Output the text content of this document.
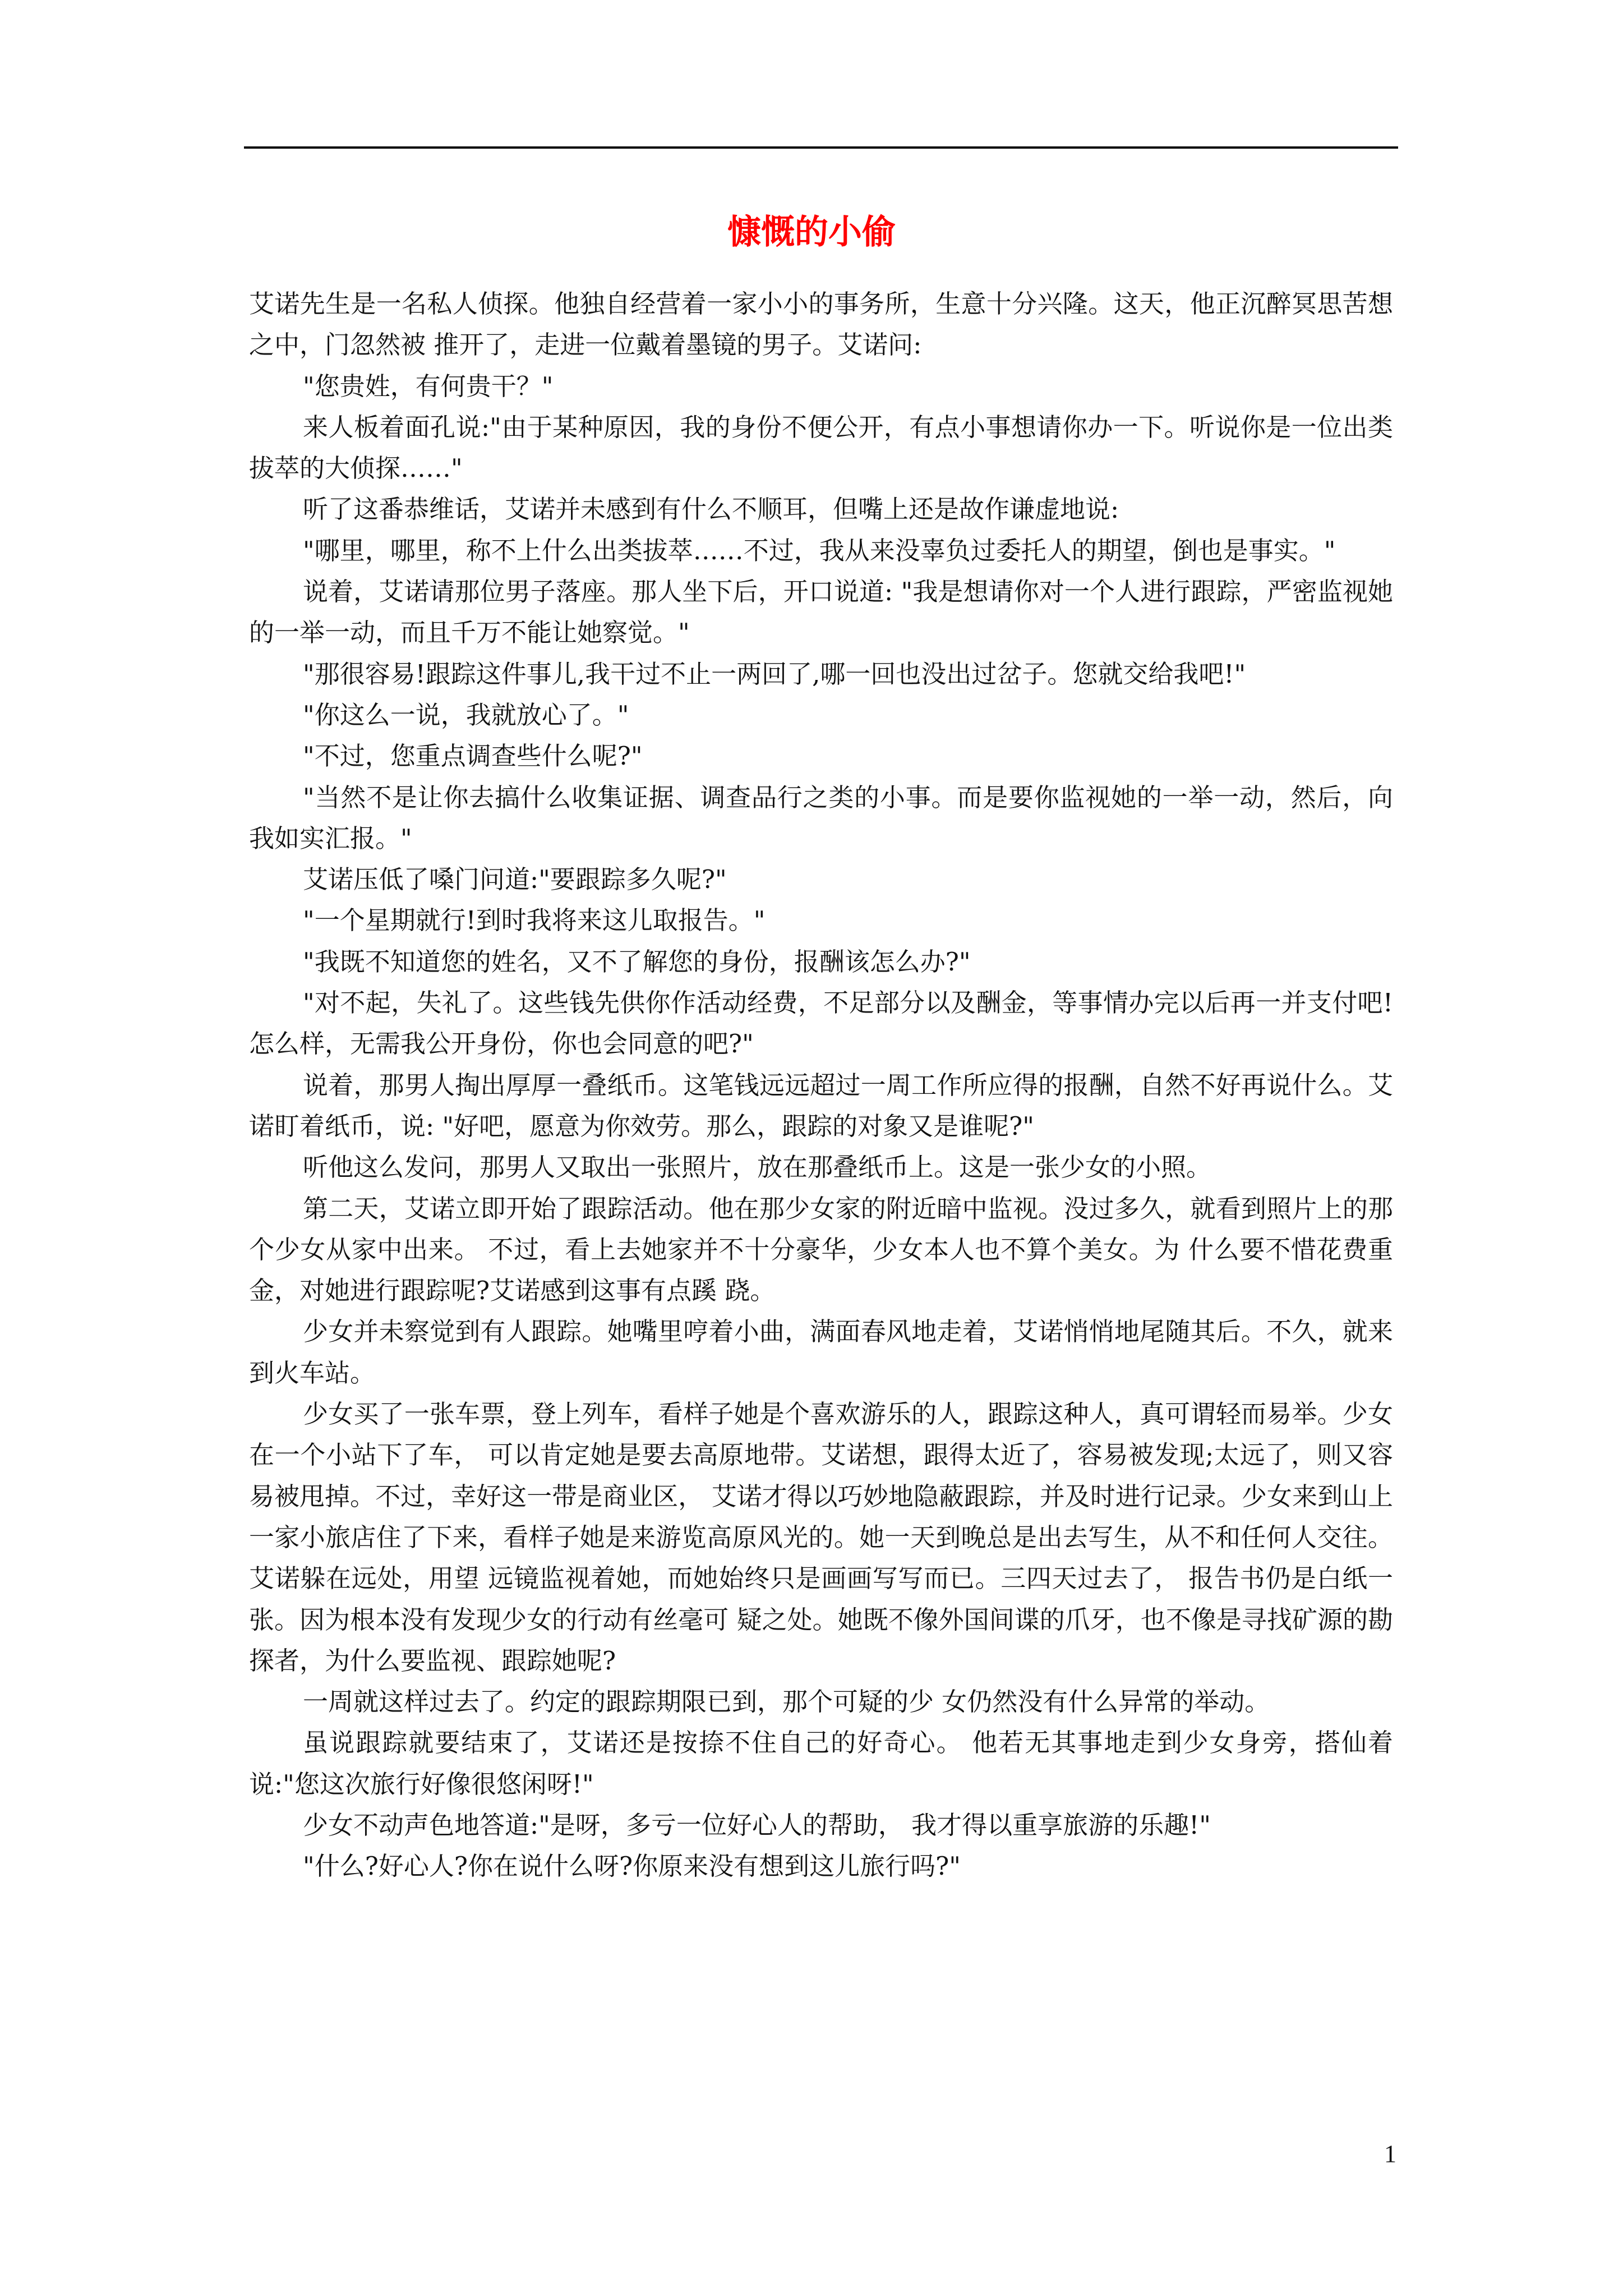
慷慨的小偷

艾诺先生是一名私人侦探。他独自经营着一家小小的事务所，生意十分兴隆。这天，他正沉醉冥思苦想之中，门忽然被 推开了，走进一位戴着墨镜的男子。艾诺问:

"您贵姓，有何贵干？"

来人板着面孔说:"由于某种原因，我的身份不便公开，有点小事想请你办一下。听说你是一位出类拔萃的大侦探……"

听了这番恭维话，艾诺并未感到有什么不顺耳，但嘴上还是故作谦虚地说:

"哪里，哪里，称不上什么出类拔萃……不过，我从来没辜负过委托人的期望，倒也是事实。"

说着，艾诺请那位男子落座。那人坐下后，开口说道: "我是想请你对一个人进行跟踪，严密监视她的一举一动，而且千万不能让她察觉。"

"那很容易!跟踪这件事儿,我干过不止一两回了,哪一回也没出过岔子。您就交给我吧!"

"你这么一说，我就放心了。"

"不过，您重点调查些什么呢?"

"当然不是让你去搞什么收集证据、调查品行之类的小事。而是要你监视她的一举一动，然后，向我如实汇报。"

艾诺压低了嗓门问道:"要跟踪多久呢?"

"一个星期就行!到时我将来这儿取报告。"

"我既不知道您的姓名，又不了解您的身份，报酬该怎么办?"

"对不起，失礼了。这些钱先供你作活动经费，不足部分以及酬金，等事情办完以后再一并支付吧!怎么样，无需我公开身份，你也会同意的吧?"

说着，那男人掏出厚厚一叠纸币。这笔钱远远超过一周工作所应得的报酬，自然不好再说什么。艾诺盯着纸币，说: "好吧，愿意为你效劳。那么，跟踪的对象又是谁呢?"

听他这么发问，那男人又取出一张照片，放在那叠纸币上。这是一张少女的小照。

第二天，艾诺立即开始了跟踪活动。他在那少女家的附近暗中监视。没过多久，就看到照片上的那个少女从家中出来。 不过，看上去她家并不十分豪华，少女本人也不算个美女。为 什么要不惜花费重金，对她进行跟踪呢?艾诺感到这事有点蹊 跷。

少女并未察觉到有人跟踪。她嘴里哼着小曲，满面春风地走着，艾诺悄悄地尾随其后。不久，就来到火车站。

少女买了一张车票，登上列车，看样子她是个喜欢游乐的人，跟踪这种人，真可谓轻而易举。少女在一个小站下了车， 可以肯定她是要去高原地带。艾诺想，跟得太近了，容易被发现;太远了，则又容易被甩掉。不过，幸好这一带是商业区， 艾诺才得以巧妙地隐蔽跟踪，并及时进行记录。少女来到山上一家小旅店住了下来，看样子她是来游览高原风光的。她一天到晚总是出去写生，从不和任何人交往。艾诺躲在远处，用望 远镜监视着她，而她始终只是画画写写而已。三四天过去了， 报告书仍是白纸一张。因为根本没有发现少女的行动有丝毫可 疑之处。她既不像外国间谍的爪牙，也不像是寻找矿源的勘探者，为什么要监视、跟踪她呢?

一周就这样过去了。约定的跟踪期限已到，那个可疑的少 女仍然没有什么异常的举动。

虽说跟踪就要结束了，艾诺还是按捺不住自己的好奇心。 他若无其事地走到少女身旁，搭仙着说:"您这次旅行好像很悠闲呀!"

少女不动声色地答道:"是呀，多亏一位好心人的帮助， 我才得以重享旅游的乐趣!"

"什么?好心人?你在说什么呀?你原来没有想到这儿旅行吗?"

1
